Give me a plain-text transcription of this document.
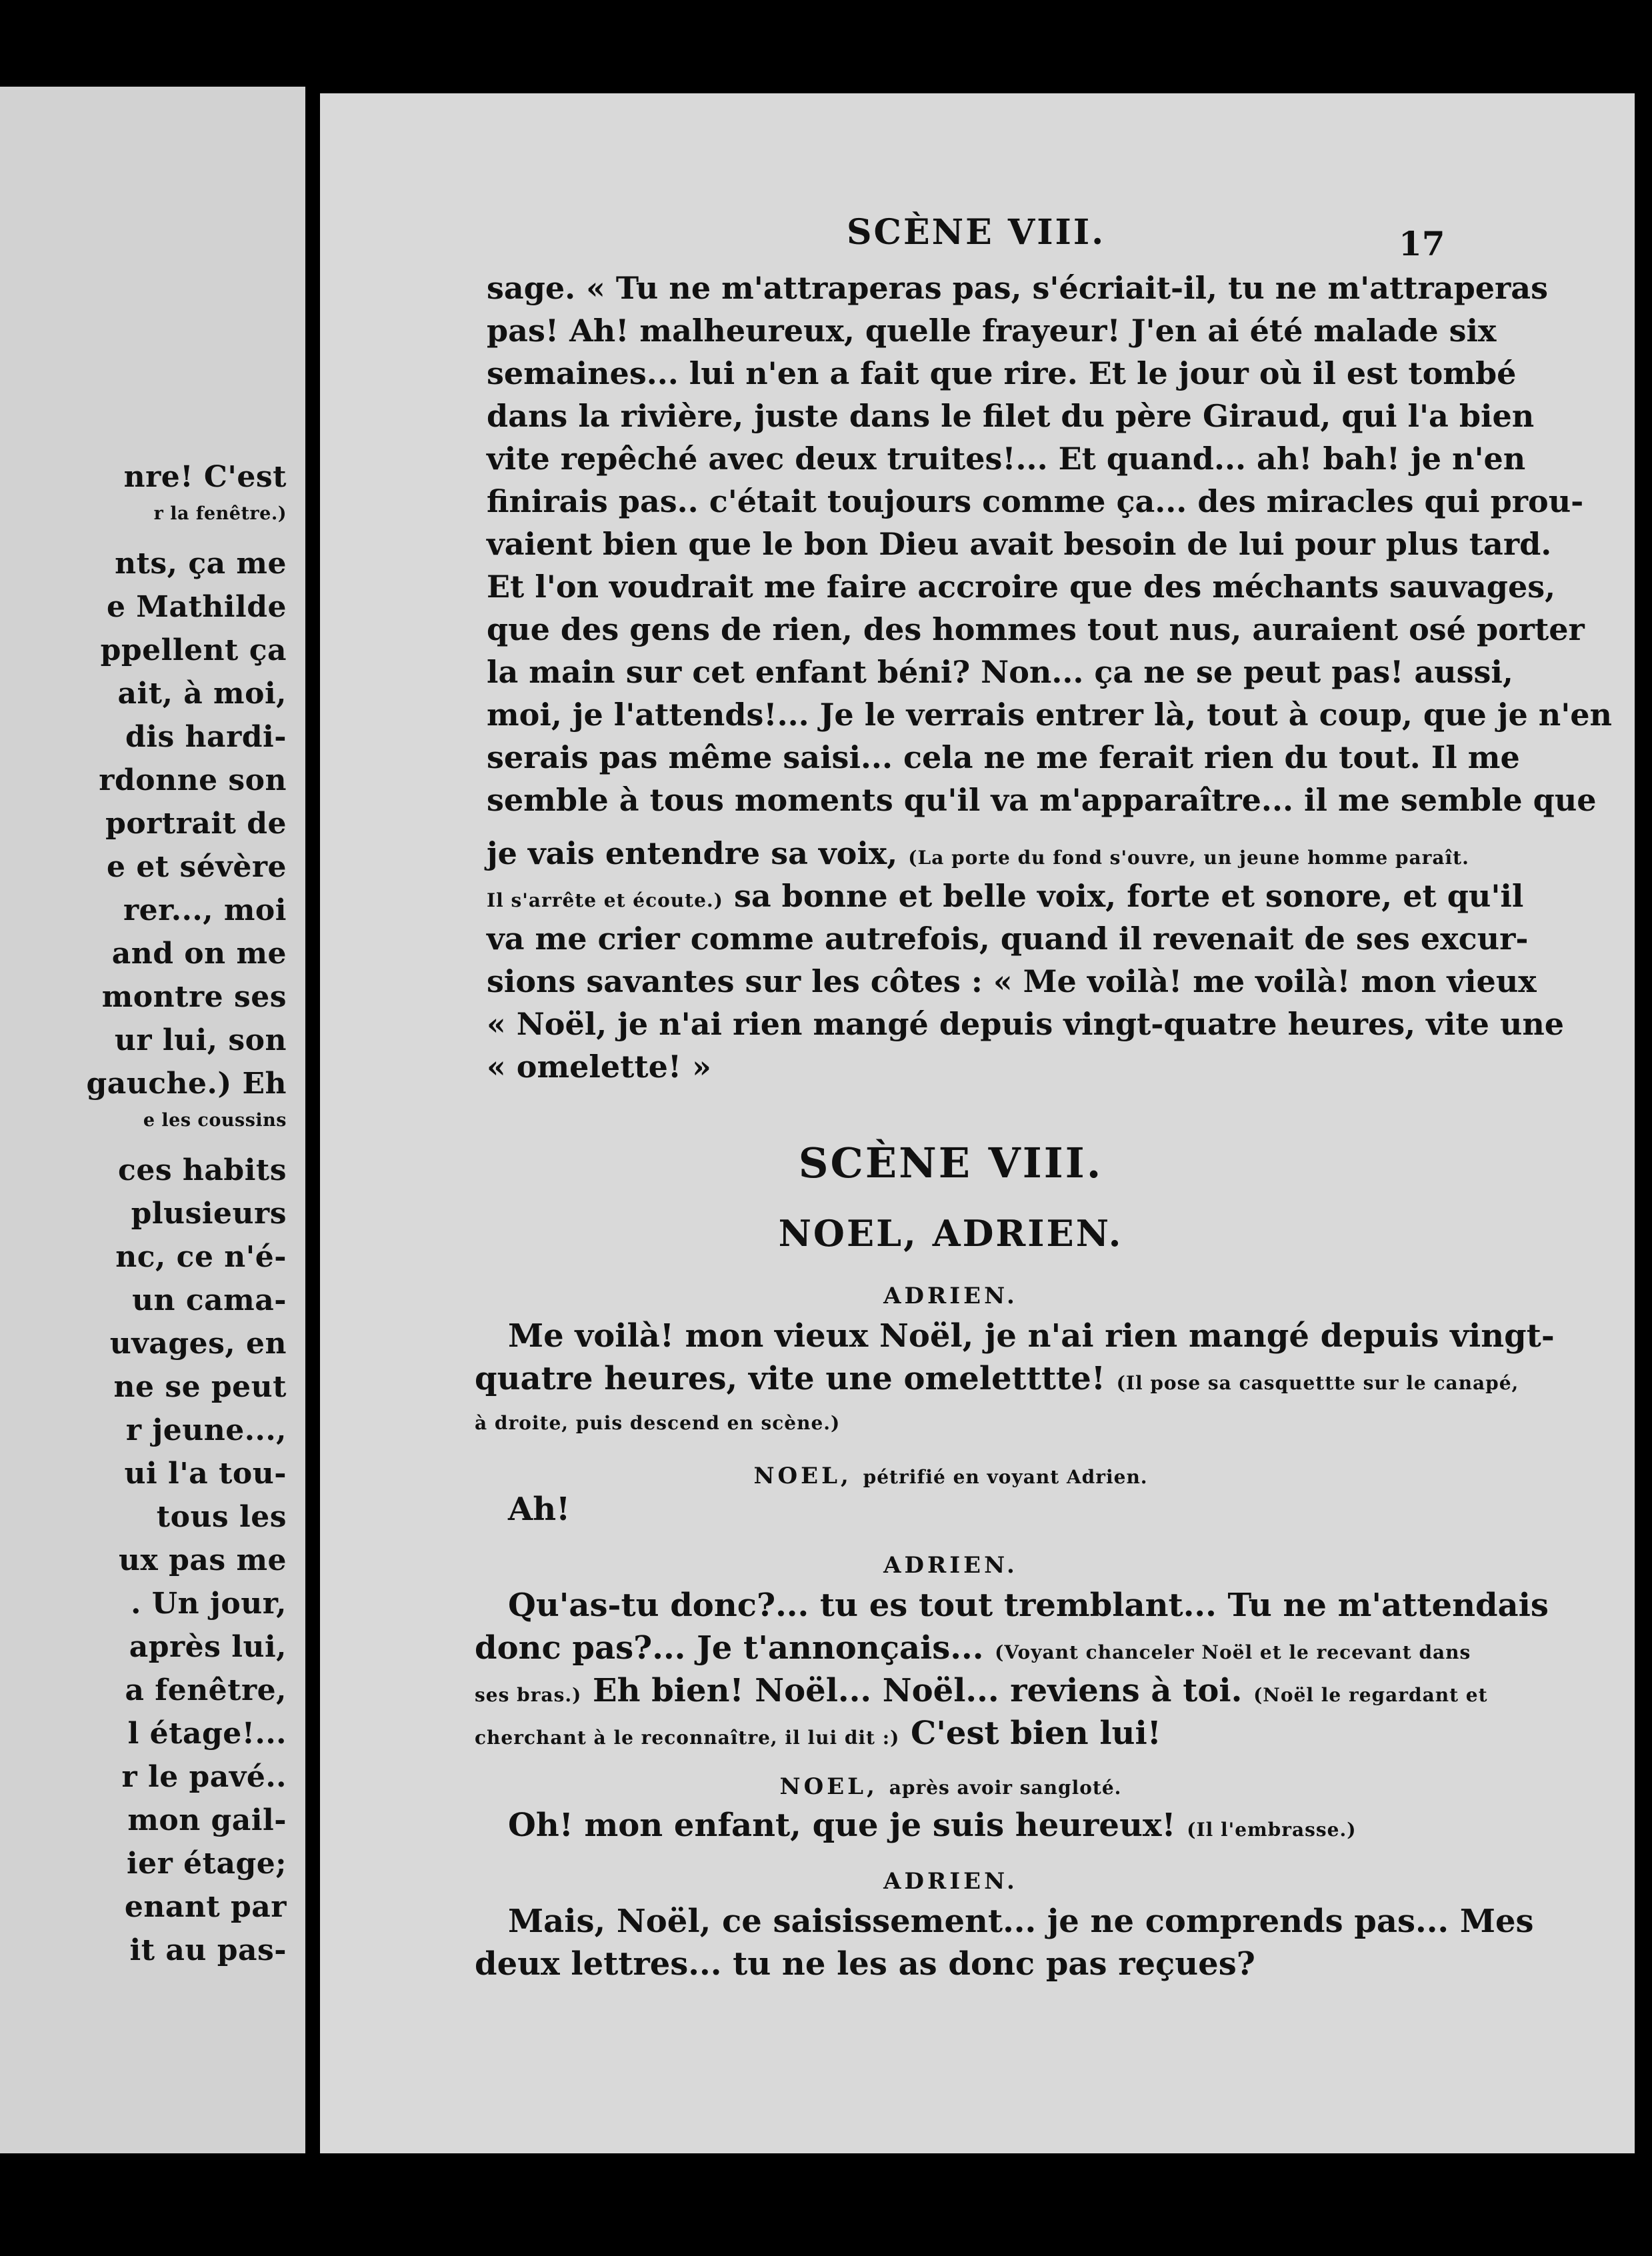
nre! C'est
r la fenêtre.)
nts, ça me
e Mathilde
ppellent ça
ait, à moi,
dis hardi-
rdonne son
portrait de
e et sévère
rer..., moi
and on me
montre ses
ur lui, son
gauche.) Eh
e les coussins
ces habits
plusieurs
nc, ce n'é-
un cama-
uvages, en
ne se peut
r jeune...,
ui l'a tou-
tous les
ux pas me
. Un jour,
après lui,
a fenêtre,
l étage!...
r le pavé..
mon gail-
ier étage;
enant par
it au pas-
SCÈNE VIII.	17
je vais entendre sa voix, (La porte du fond s'ouvre, un jeune homme paraît.
Il s'arrête et écoute.) sa bonne et belle voix, forte et sonore, et qu'il
va me crier comme autrefois, quand il revenait de ses excur-
sions savantes sur les côtes : « Me voilà! me voilà! mon vieux
« Noël, je n'ai rien mangé depuis vingt-quatre heures, vite une
« omelette! »
SCÈNE VIII.
NOEL, ADRIEN.
ADRIEN.
Me voilà! mon vieux Noël, je n'ai rien mangé depuis vingt-
quatre heures, vite une omeletttte! (Il pose sa casquettte sur le canapé,
à droite, puis descend en scène.)
NOEL, pétrifié en voyant Adrien.
Ah!
ADRIEN.
Qu'as-tu donc?... tu es tout tremblant... Tu ne m'attendais
donc pas?... Je t'annonçais... (Voyant chanceler Noël et le recevant dans
ses bras.) Eh bien! Noël... Noël... reviens à toi. (Noël le regardant et
cherchant à le reconnaître, il lui dit :) C'est bien lui!
NOEL, après avoir sangloté.
Oh! mon enfant, que je suis heureux! (Il l'embrasse.)
ADRIEN.
Mais, Noël, ce saisissement... je ne comprends pas... Mes
deux lettres... tu ne les as donc pas reçues?
sage. « Tu ne m'attraperas pas, s'écriait-il, tu ne m'attraperas
pas! Ah! malheureux, quelle frayeur! J'en ai été malade six
semaines... lui n'en a fait que rire. Et le jour où il est tombé
dans la rivière, juste dans le filet du père Giraud, qui l'a bien
vite repêché avec deux truites!... Et quand... ah! bah! je n'en
finirais pas.. c'était toujours comme ça... des miracles qui prou-
vaient bien que le bon Dieu avait besoin de lui pour plus tard.
Et l'on voudrait me faire accroire que des méchants sauvages,
que des gens de rien, des hommes tout nus, auraient osé porter
la main sur cet enfant béni? Non... ça ne se peut pas! aussi,
moi, je l'attends!... Je le verrais entrer là, tout à coup, que je n'en
serais pas même saisi... cela ne me ferait rien du tout. Il me
semble à tous moments qu'il va m'apparaître... il me semble que
